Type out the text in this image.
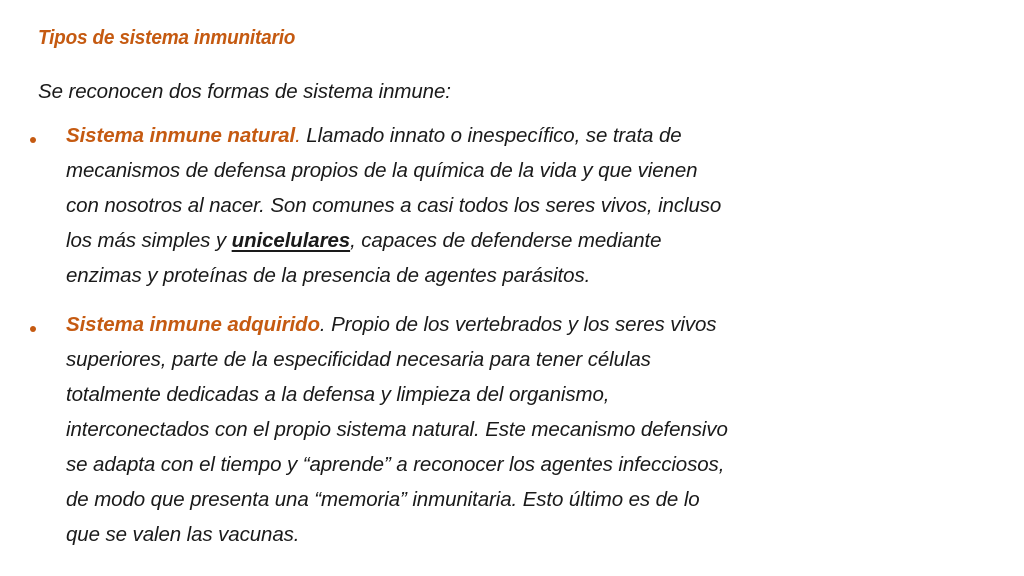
Tipos de sistema inmunitario
Se reconocen dos formas de sistema inmune:
Sistema inmune natural. Llamado innato o inespecífico, se trata de
mecanismos de defensa propios de la química de la vida y que vienen
con nosotros al nacer. Son comunes a casi todos los seres vivos, incluso
los más simples y unicelulares, capaces de defenderse mediante
enzimas y proteínas de la presencia de agentes parásitos.
Sistema inmune adquirido. Propio de los vertebrados y los seres vivos
superiores, parte de la especificidad necesaria para tener células
totalmente dedicadas a la defensa y limpieza del organismo,
interconectados con el propio sistema natural. Este mecanismo defensivo
se adapta con el tiempo y “aprende” a reconocer los agentes infecciosos,
de modo que presenta una “memoria” inmunitaria. Esto último es de lo
que se valen las vacunas.
